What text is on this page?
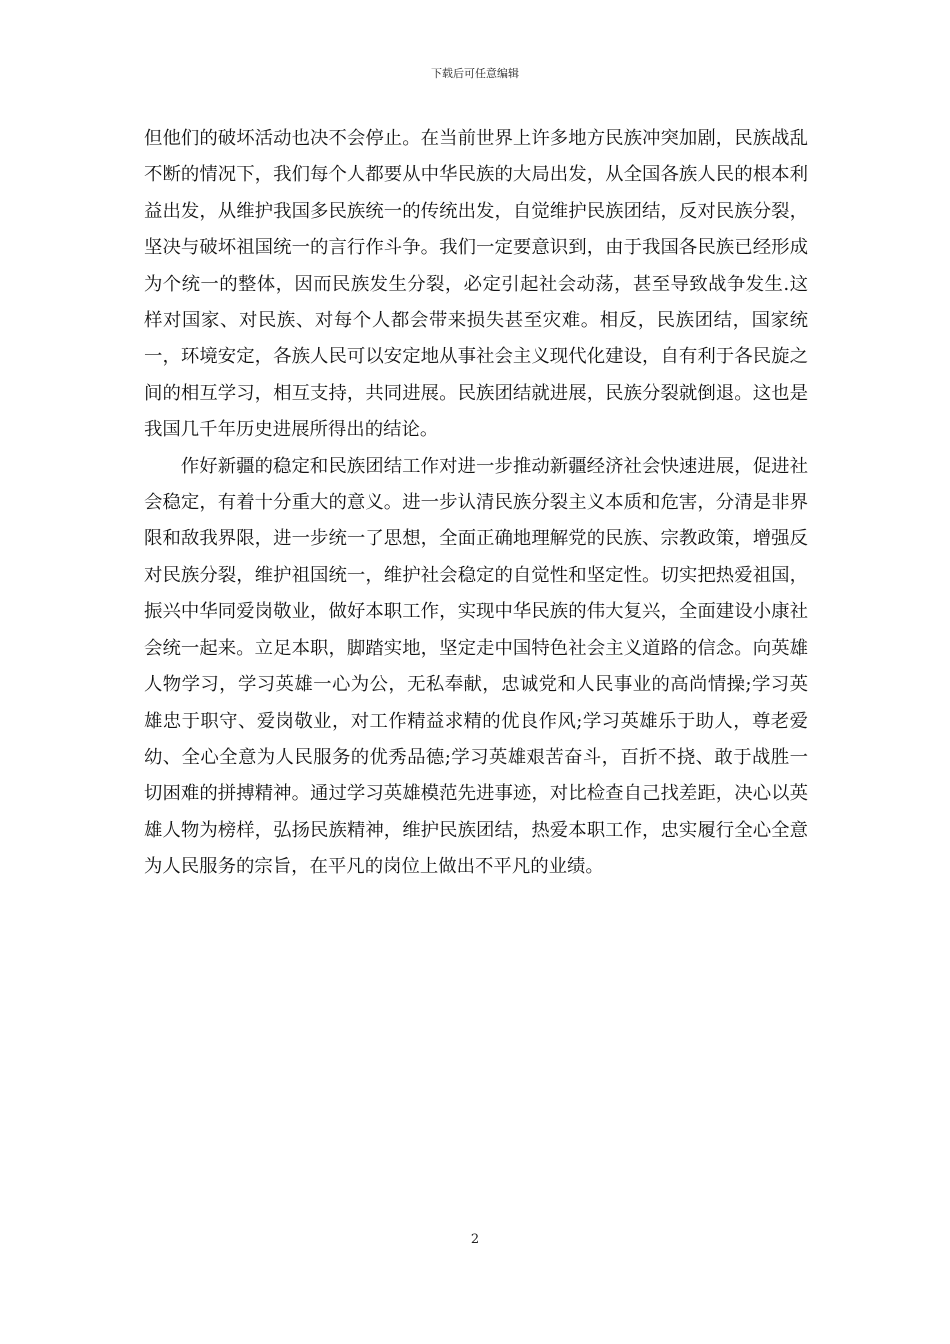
下载后可任意编辑

但他们的破坏活动也决不会停止。在当前世界上许多地方民族冲突加剧，民族战乱不断的情况下，我们每个人都要从中华民族的大局出发，从全国各族人民的根本利益出发，从维护我国多民族统一的传统出发，自觉维护民族团结，反对民族分裂，坚决与破坏祖国统一的言行作斗争。我们一定要意识到，由于我国各民族已经形成为个统一的整体，因而民族发生分裂，必定引起社会动荡，甚至导致战争发生.这样对国家、对民族、对每个人都会带来损失甚至灾难。相反，民族团结，国家统一，环境安定，各族人民可以安定地从事社会主义现代化建设，自有利于各民旋之间的相互学习，相互支持，共同进展。民族团结就进展，民族分裂就倒退。这也是我国几千年历史进展所得出的结论。

作好新疆的稳定和民族团结工作对进一步推动新疆经济社会快速进展，促进社会稳定，有着十分重大的意义。进一步认清民族分裂主义本质和危害，分清是非界限和敌我界限，进一步统一了思想，全面正确地理解党的民族、宗教政策，增强反对民族分裂，维护祖国统一，维护社会稳定的自觉性和坚定性。切实把热爱祖国，振兴中华同爱岗敬业，做好本职工作，实现中华民族的伟大复兴，全面建设小康社会统一起来。立足本职，脚踏实地，坚定走中国特色社会主义道路的信念。向英雄人物学习，学习英雄一心为公，无私奉献，忠诚党和人民事业的高尚情操;学习英雄忠于职守、爱岗敬业，对工作精益求精的优良作风;学习英雄乐于助人，尊老爱幼、全心全意为人民服务的优秀品德;学习英雄艰苦奋斗，百折不挠、敢于战胜一切困难的拼搏精神。通过学习英雄模范先进事迹，对比检查自己找差距，决心以英雄人物为榜样，弘扬民族精神，维护民族团结，热爱本职工作，忠实履行全心全意为人民服务的宗旨，在平凡的岗位上做出不平凡的业绩。

2
